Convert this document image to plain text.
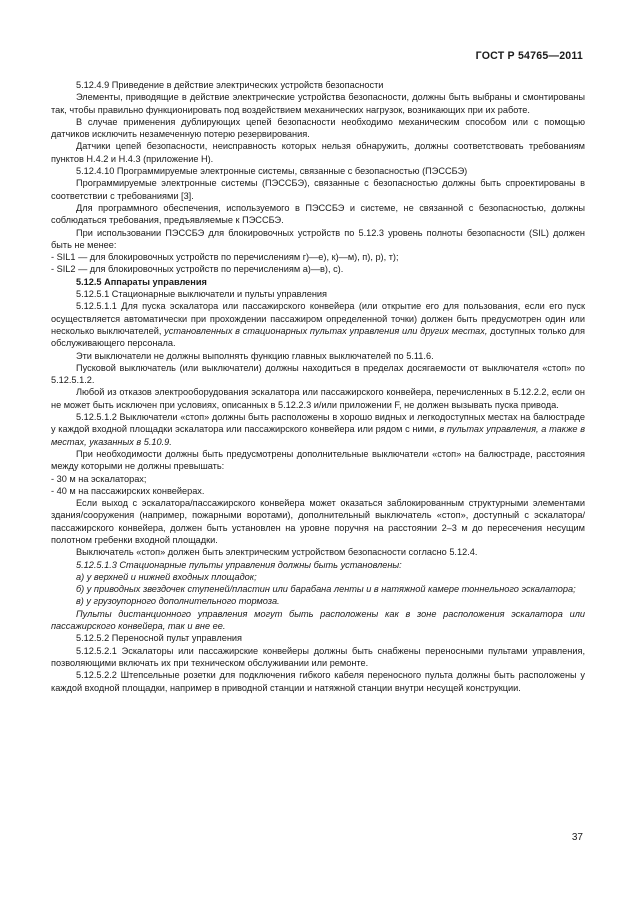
ГОСТ Р 54765—2011

5.12.4.9 Приведение в действие электрических устройств безопасности

Элементы, приводящие в действие электрические устройства безопасности, должны быть выбраны и смонтированы так, чтобы правильно функционировать под воздействием механических нагрузок, возникающих при их работе.

В случае применения дублирующих цепей безопасности необходимо механическим способом или с помощью датчиков исключить незамеченную потерю резервирования.

Датчики цепей безопасности, неисправность которых нельзя обнаружить, должны соответствовать требованиям пунктов Н.4.2 и Н.4.3 (приложение Н).

5.12.4.10 Программируемые электронные системы, связанные с безопасностью (ПЭССБЭ)

Программируемые электронные системы (ПЭССБЭ), связанные с безопасностью должны быть спроектированы в соответствии с требованиями [3].

Для программного обеспечения, используемого в ПЭССБЭ и системе, не связанной с безопасностью, должны соблюдаться требования, предъявляемые к ПЭССБЭ.

При использовании ПЭССБЭ для блокировочных устройств по 5.12.3 уровень полноты безопасности (SIL) должен быть не менее:

- SIL1 — для блокировочных устройств по перечислениям г)—е), к)—м), п), р), т);

- SIL2 — для блокировочных устройств по перечислениям а)—в), с).

5.12.5 Аппараты управления

5.12.5.1 Стационарные выключатели и пульты управления

5.12.5.1.1 Для пуска эскалатора или пассажирского конвейера (или открытие его для пользования, если его пуск осуществляется автоматически при прохождении пассажиром определенной точки) должен быть предусмотрен один или несколько выключателей, установленных в стационарных пультах управления или других местах, доступных только для обслуживающего персонала.

Эти выключатели не должны выполнять функцию главных выключателей по 5.11.6.

Пусковой выключатель (или выключатели) должны находиться в пределах досягаемости от выключателя «стоп» по 5.12.5.1.2.

Любой из отказов электрооборудования эскалатора или пассажирского конвейера, перечисленных в 5.12.2.2, если он не может быть исключен при условиях, описанных в 5.12.2.3 и/или приложении F, не должен вызывать пуска привода.

5.12.5.1.2 Выключатели «стоп» должны быть расположены в хорошо видных и легкодоступных местах на балюстраде у каждой входной площадки эскалатора или пассажирского конвейера или рядом с ними, в пультах управления, а также в местах, указанных в 5.10.9.

При необходимости должны быть предусмотрены дополнительные выключатели «стоп» на балюстраде, расстояния между которыми не должны превышать:

- 30 м на эскалаторах;

- 40 м на пассажирских конвейерах.

Если выход с эскалатора/пассажирского конвейера может оказаться заблокированным структурными элементами здания/сооружения (например, пожарными воротами), дополнительный выключатель «стоп», доступный с эскалатора/пассажирского конвейера, должен быть установлен на уровне поручня на расстоянии 2–3 м до пересечения несущим полотном гребенки входной площадки.

Выключатель «стоп» должен быть электрическим устройством безопасности согласно 5.12.4.

5.12.5.1.3 Стационарные пульты управления должны быть установлены:

а) у верхней и нижней входных площадок;

б) у приводных звездочек ступеней/пластин или барабана ленты и в натяжной камере тоннельного эскалатора;

в) у грузоупорного дополнительного тормоза.

Пульты дистанционного управления могут быть расположены как в зоне расположения эскалатора или пассажирского конвейера, так и вне ее.

5.12.5.2 Переносной пульт управления

5.12.5.2.1 Эскалаторы или пассажирские конвейеры должны быть снабжены переносными пультами управления, позволяющими включать их при техническом обслуживании или ремонте.

5.12.5.2.2 Штепсельные розетки для подключения гибкого кабеля переносного пульта должны быть расположены у каждой входной площадки, например в приводной станции и натяжной станции внутри несущей конструкции.

37
